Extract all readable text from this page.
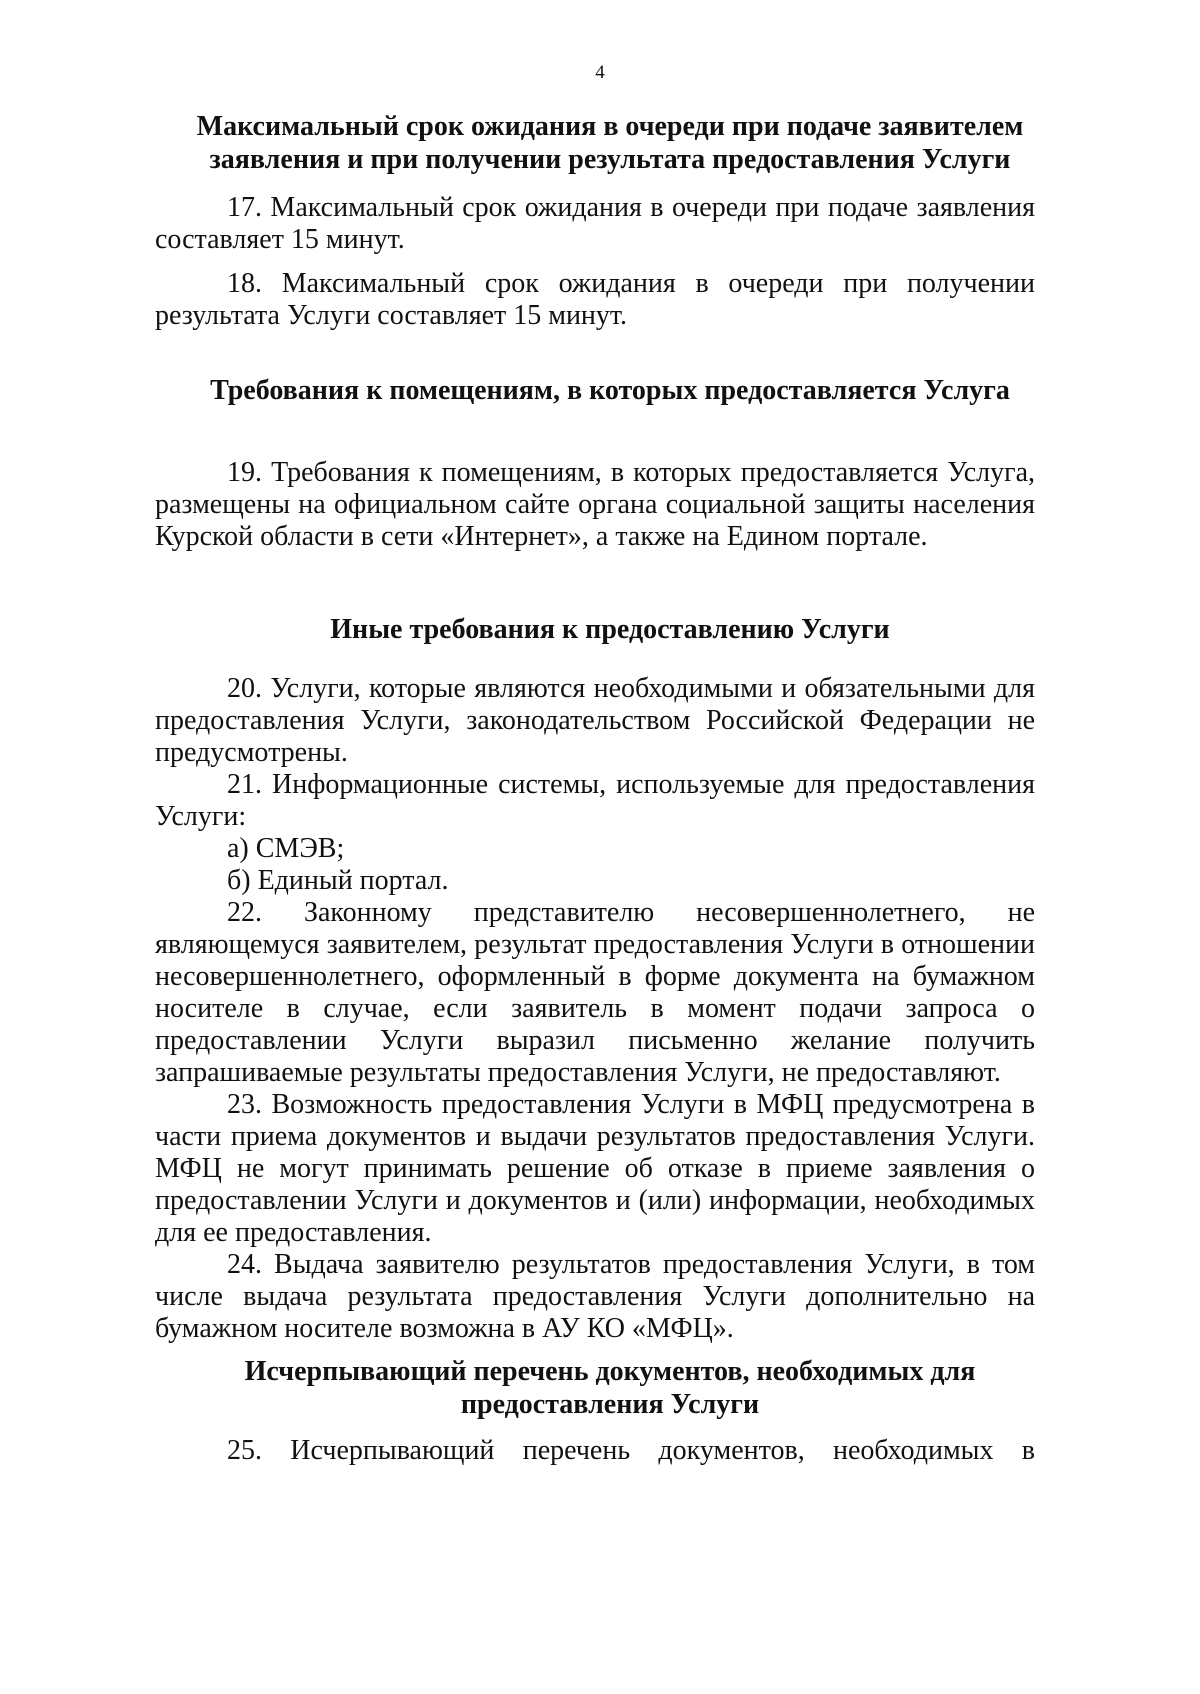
4
Максимальный срок ожидания в очереди при подаче заявителем
заявления и при получении результата предоставления Услуги
17. Максимальный срок ожидания в очереди при подаче заявления составляет 15 минут.
18. Максимальный срок ожидания в очереди при получении результата Услуги составляет 15 минут.
Требования к помещениям, в которых предоставляется Услуга
19. Требования к помещениям, в которых предоставляется Услуга, размещены на официальном сайте органа социальной защиты населения Курской области в сети «Интернет», а также на Едином портале.
Иные требования к предоставлению Услуги
20. Услуги, которые являются необходимыми и обязательными для предоставления Услуги, законодательством Российской Федерации не предусмотрены.
21. Информационные системы, используемые для предоставления Услуги:
а) СМЭВ;
б) Единый портал.
22. Законному представителю несовершеннолетнего, не являющемуся заявителем, результат предоставления Услуги в отношении несовершеннолетнего, оформленный в форме документа на бумажном носителе в случае, если заявитель в момент подачи запроса о предоставлении Услуги выразил письменно желание получить запрашиваемые результаты предоставления Услуги, не предоставляют.
23. Возможность предоставления Услуги в МФЦ предусмотрена в части приема документов и выдачи результатов предоставления Услуги. МФЦ не могут принимать решение об отказе в приеме заявления о предоставлении Услуги и документов и (или) информации, необходимых для ее предоставления.
24. Выдача заявителю результатов предоставления Услуги, в том числе выдача результата предоставления Услуги дополнительно на бумажном носителе возможна в АУ КО «МФЦ».
Исчерпывающий перечень документов, необходимых для
предоставления Услуги
25. Исчерпывающий перечень документов, необходимых в
